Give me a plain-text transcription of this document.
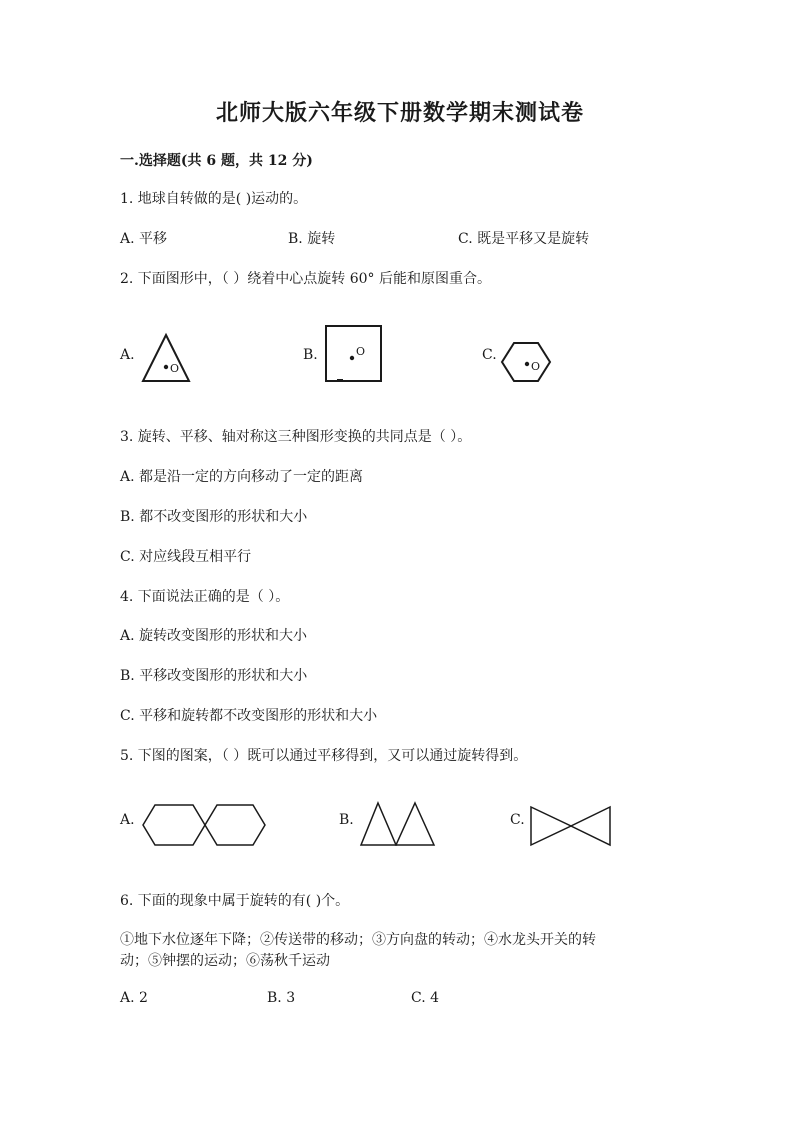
北师大版六年级下册数学期末测试卷
一.选择题(共 6 题，共 12 分)
1. 地球自转做的是( )运动的。
A. 平移	B. 旋转	C. 既是平移又是旋转
2. 下面图形中，（ ）绕着中心点旋转 60° 后能和原图重合。
A.
O
B.	O	C.
O
3. 旋转、平移、轴对称这三种图形变换的共同点是（ ）。
A. 都是沿一定的方向移动了一定的距离
B. 都不改变图形的形状和大小
C. 对应线段互相平行
4. 下面说法正确的是（ ）。
A. 旋转改变图形的形状和大小
B. 平移改变图形的形状和大小
C. 平移和旋转都不改变图形的形状和大小
5. 下图的图案，（ ）既可以通过平移得到，又可以通过旋转得到。
A.	B.	C.
6. 下面的现象中属于旋转的有( )个。
①地下水位逐年下降；②传送带的移动；③方向盘的转动；④水龙头开关的转
动；⑤钟摆的运动；⑥荡秋千运动
A. 2	B. 3	C. 4
